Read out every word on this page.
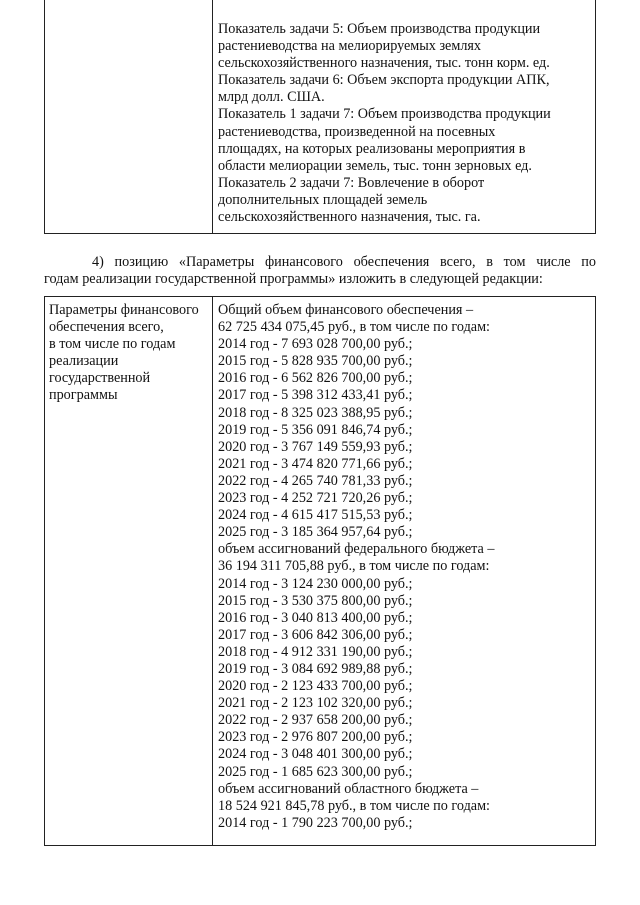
Показатель задачи 5: Объем производства продукции
растениеводства на мелиорируемых землях
сельскохозяйственного назначения, тыс. тонн корм. ед.
Показатель задачи 6: Объем экспорта продукции АПК,
млрд долл. США.
Показатель 1 задачи 7: Объем производства продукции
растениеводства, произведенной на посевных
площадях, на которых реализованы мероприятия в
области мелиорации земель, тыс. тонн зерновых ед.
Показатель 2 задачи 7: Вовлечение в оборот
дополнительных площадей земель
сельскохозяйственного назначения, тыс. га.
4) позицию «Параметры финансового обеспечения всего, в том числе по
годам реализации государственной программы» изложить в следующей редакции:
Параметры финансового
обеспечения всего,
в том числе по годам
реализации
государственной
программы
Общий объем финансового обеспечения –
62 725 434 075,45 руб., в том числе по годам:
2014 год - 7 693 028 700,00 руб.;
2015 год - 5 828 935 700,00 руб.;
2016 год - 6 562 826 700,00 руб.;
2017 год - 5 398 312 433,41 руб.;
2018 год - 8 325 023 388,95 руб.;
2019 год - 5 356 091 846,74 руб.;
2020 год - 3 767 149 559,93 руб.;
2021 год - 3 474 820 771,66 руб.;
2022 год - 4 265 740 781,33 руб.;
2023 год - 4 252 721 720,26 руб.;
2024 год - 4 615 417 515,53 руб.;
2025 год - 3 185 364 957,64 руб.;
объем ассигнований федерального бюджета –
36 194 311 705,88 руб., в том числе по годам:
2014 год - 3 124 230 000,00 руб.;
2015 год - 3 530 375 800,00 руб.;
2016 год - 3 040 813 400,00 руб.;
2017 год - 3 606 842 306,00 руб.;
2018 год - 4 912 331 190,00 руб.;
2019 год - 3 084 692 989,88 руб.;
2020 год - 2 123 433 700,00 руб.;
2021 год - 2 123 102 320,00 руб.;
2022 год - 2 937 658 200,00 руб.;
2023 год - 2 976 807 200,00 руб.;
2024 год - 3 048 401 300,00 руб.;
2025 год - 1 685 623 300,00 руб.;
объем ассигнований областного бюджета –
18 524 921 845,78 руб., в том числе по годам:
2014 год - 1 790 223 700,00 руб.;
